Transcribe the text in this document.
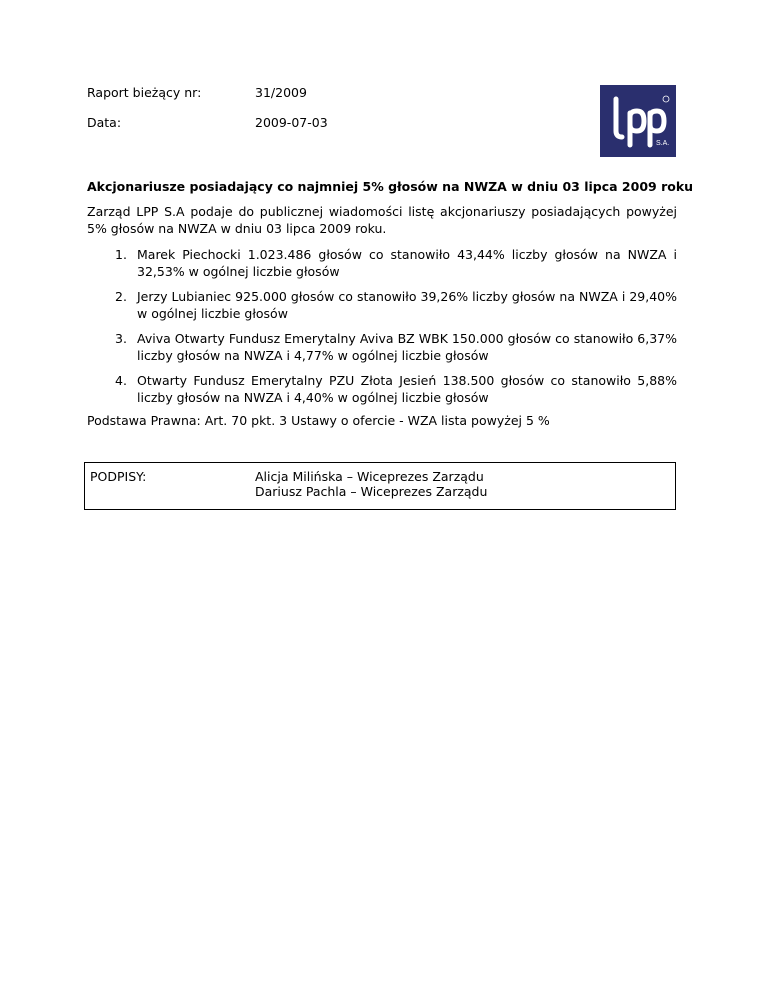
Raport bieżący nr:	31/2009
Data:	2009-07-03
S.A.
Akcjonariusze posiadający co najmniej 5% głosów na NWZA w dniu 03 lipca 2009 roku
Zarząd LPP S.A podaje do publicznej wiadomości listę akcjonariuszy posiadających powyżej 5% głosów na NWZA w dniu 03 lipca 2009 roku.
1. Marek Piechocki 1.023.486 głosów co stanowiło 43,44% liczby głosów na NWZA i 32,53% w ogólnej liczbie głosów
2. Jerzy Lubianiec 925.000 głosów co stanowiło 39,26% liczby głosów na NWZA i 29,40% w ogólnej liczbie głosów
3. Aviva Otwarty Fundusz Emerytalny Aviva BZ WBK 150.000 głosów co stanowiło 6,37% liczby głosów na NWZA i 4,77% w ogólnej liczbie głosów
4. Otwarty Fundusz Emerytalny PZU Złota Jesień 138.500 głosów co stanowiło 5,88% liczby głosów na NWZA i 4,40% w ogólnej liczbie głosów
Podstawa Prawna: Art. 70 pkt. 3 Ustawy o ofercie - WZA lista powyżej 5 %
PODPISY:	Alicja Milińska – Wiceprezes Zarządu
Dariusz Pachla – Wiceprezes Zarządu
